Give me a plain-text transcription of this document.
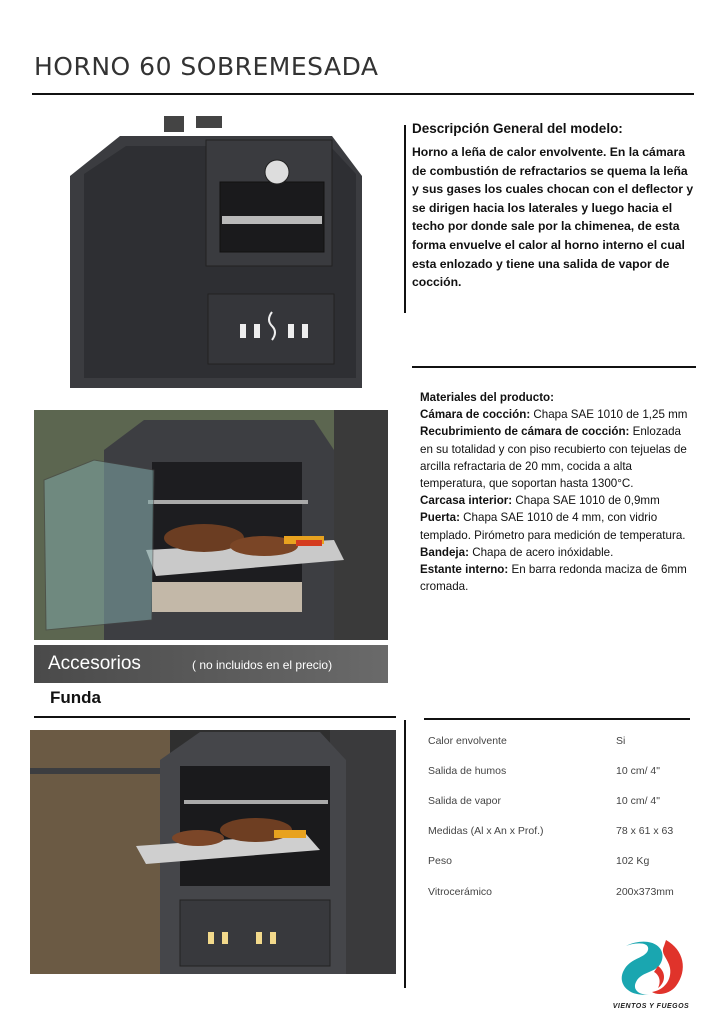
HORNO 60 SOBREMESADA
Descripción General del modelo:
Horno a leña de calor envolvente. En la cámara de combustión de refractarios se quema la leña y sus gases los cuales chocan con el deflector y se dirigen hacia los laterales y luego hacia el techo por donde sale por la chimenea, de esta forma envuelve el calor al horno interno el cual esta enlozado y tiene una salida de vapor de cocción.

Materiales del producto:

Cámara de cocción: Chapa SAE 1010 de 1,25 mm

Recubrimiento de cámara de cocción: Enlozada en su totalidad y con piso recubierto con tejuelas de arcilla refractaria de 20 mm, cocida a alta temperatura, que soportan hasta 1300°C.

Carcasa interior: Chapa SAE 1010 de 0,9mm

Puerta: Chapa SAE 1010 de 4 mm, con vidrio templado. Pirómetro para medición de temperatura.

Bandeja: Chapa de acero inóxidable.

Estante interno: En barra redonda maciza de 6mm cromada.

Accesorios	( no incluidos en el precio)
Funda
Calor envolvente	Si
Salida de humos	10 cm/ 4"
Salida de vapor	10 cm/ 4"
Medidas (Al x An x Prof.)	78 x 61 x 63
Peso	102 Kg
Vitrocerámico	200x373mm
VIENTOS Y FUEGOS
